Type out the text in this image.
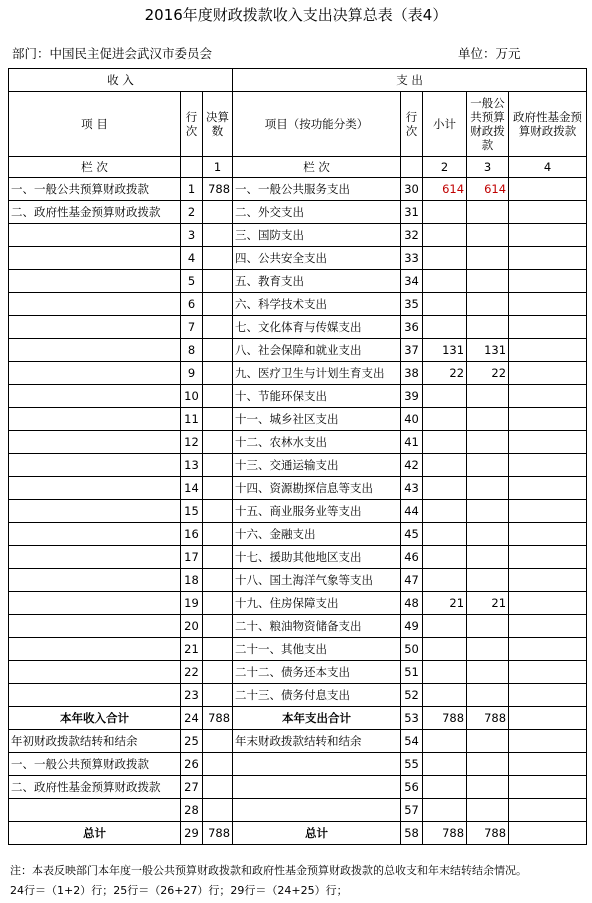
2016年度财政拨款收入支出决算总表（表4）
部门：中国民主促进会武汉市委员会	单位：万元
收 入			支 出				
项 目	行次	决算数	项目（按功能分类）	行次	小计	一般公共预算财政拨款	政府性基金预算财政拨款
栏 次		1	栏 次		2	3	4
一、一般公共预算财政拨款	1	788	一、一般公共服务支出	30	614	614	
二、政府性基金预算财政拨款	2		二、外交支出	31			
	3		三、国防支出	32			
	4		四、公共安全支出	33			
	5		五、教育支出	34			
	6		六、科学技术支出	35			
	7		七、文化体育与传媒支出	36			
	8		八、社会保障和就业支出	37	131	131	
	9		九、医疗卫生与计划生育支出	38	22	22	
	10		十、节能环保支出	39			
	11		十一、城乡社区支出	40			
	12		十二、农林水支出	41			
	13		十三、交通运输支出	42			
	14		十四、资源勘探信息等支出	43			
	15		十五、商业服务业等支出	44			
	16		十六、金融支出	45			
	17		十七、援助其他地区支出	46			
	18		十八、国土海洋气象等支出	47			
	19		十九、住房保障支出	48	21	21	
	20		二十、粮油物资储备支出	49			
	21		二十一、其他支出	50			
	22		二十二、债务还本支出	51			
	23		二十三、债务付息支出	52			
本年收入合计	24	788	本年支出合计	53	788	788	
年初财政拨款结转和结余	25		年末财政拨款结转和结余	54			
一、一般公共预算财政拨款	26			55			
二、政府性基金预算财政拨款	27			56			
	28			57			
总计	29	788	总计	58	788	788	
注：本表反映部门本年度一般公共预算财政拨款和政府性基金预算财政拨款的总收支和年末结转结余情况。
24行＝（1+2）行；25行＝（26+27）行；29行＝（24+25）行；
